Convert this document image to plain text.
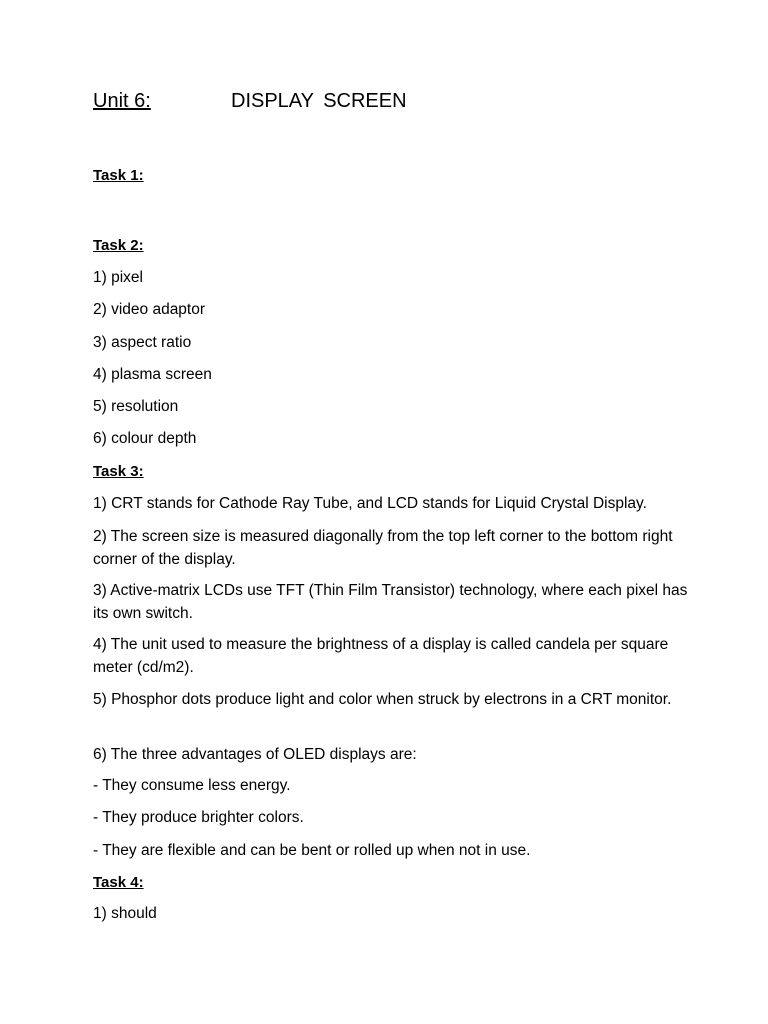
Unit 6:	DISPLAY SCREEN
Task 1:
Task 2:
1) pixel
2) video adaptor
3) aspect ratio
4) plasma screen
5) resolution
6) colour depth
Task 3:
1) CRT stands for Cathode Ray Tube, and LCD stands for Liquid Crystal Display.
2) The screen size is measured diagonally from the top left corner to the bottom right corner of the display.
3) Active-matrix LCDs use TFT (Thin Film Transistor) technology, where each pixel has its own switch.
4) The unit used to measure the brightness of a display is called candela per square meter (cd/m2).
5) Phosphor dots produce light and color when struck by electrons in a CRT monitor.
6) The three advantages of OLED displays are:
- They consume less energy.
- They produce brighter colors.
- They are flexible and can be bent or rolled up when not in use.
Task 4:
1) should
